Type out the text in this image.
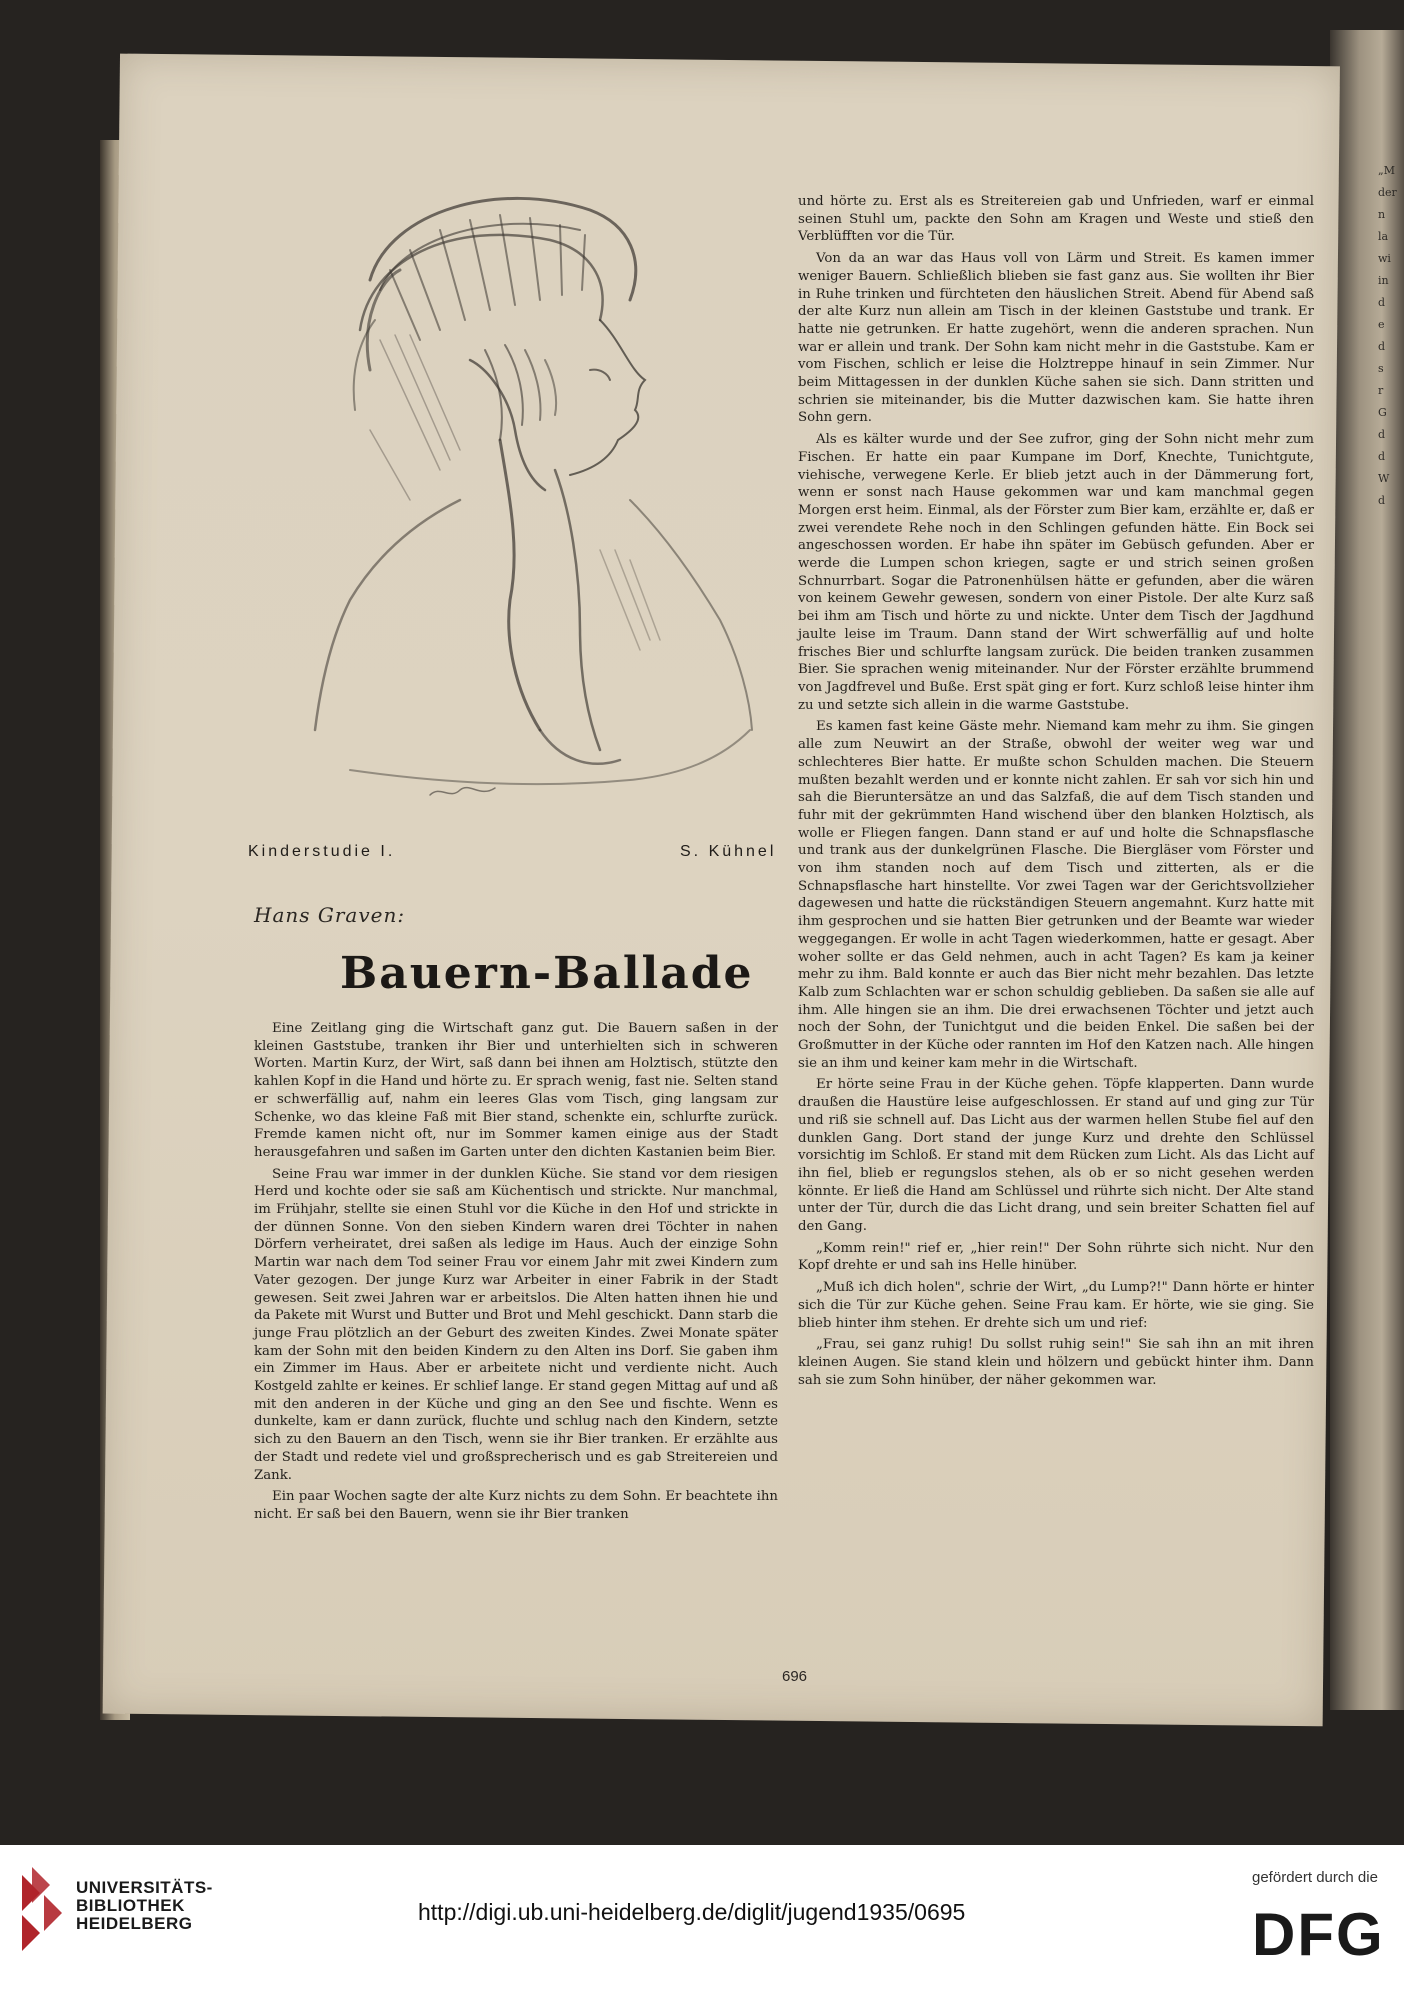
„M
der
n
la
wi
in
d
e
d
s
r
G
d
d
W
d
Kinderstudie I.	S. Kühnel
Hans Graven:
Bauern-Ballade

Eine Zeitlang ging die Wirtschaft ganz gut. Die Bauern saßen in der kleinen Gaststube, tranken ihr Bier und unterhielten sich in schweren Worten. Martin Kurz, der Wirt, saß dann bei ihnen am Holztisch, stützte den kahlen Kopf in die Hand und hörte zu. Er sprach wenig, fast nie. Selten stand er schwerfällig auf, nahm ein leeres Glas vom Tisch, ging langsam zur Schenke, wo das kleine Faß mit Bier stand, schenkte ein, schlurfte zurück. Fremde kamen nicht oft, nur im Sommer kamen einige aus der Stadt herausgefahren und saßen im Garten unter den dichten Kastanien beim Bier.

Seine Frau war immer in der dunklen Küche. Sie stand vor dem riesigen Herd und kochte oder sie saß am Küchentisch und strickte. Nur manchmal, im Frühjahr, stellte sie einen Stuhl vor die Küche in den Hof und strickte in der dünnen Sonne. Von den sieben Kindern waren drei Töchter in nahen Dörfern verheiratet, drei saßen als ledige im Haus. Auch der einzige Sohn Martin war nach dem Tod seiner Frau vor einem Jahr mit zwei Kindern zum Vater gezogen. Der junge Kurz war Arbeiter in einer Fabrik in der Stadt gewesen. Seit zwei Jahren war er arbeitslos. Die Alten hatten ihnen hie und da Pakete mit Wurst und Butter und Brot und Mehl geschickt. Dann starb die junge Frau plötzlich an der Geburt des zweiten Kindes. Zwei Monate später kam der Sohn mit den beiden Kindern zu den Alten ins Dorf. Sie gaben ihm ein Zimmer im Haus. Aber er arbeitete nicht und verdiente nicht. Auch Kostgeld zahlte er keines. Er schlief lange. Er stand gegen Mittag auf und aß mit den anderen in der Küche und ging an den See und fischte. Wenn es dunkelte, kam er dann zurück, fluchte und schlug nach den Kindern, setzte sich zu den Bauern an den Tisch, wenn sie ihr Bier tranken. Er erzählte aus der Stadt und redete viel und großsprecherisch und es gab Streitereien und Zank.

Ein paar Wochen sagte der alte Kurz nichts zu dem Sohn. Er beachtete ihn nicht. Er saß bei den Bauern, wenn sie ihr Bier tranken

und hörte zu. Erst als es Streitereien gab und Unfrieden, warf er einmal seinen Stuhl um, packte den Sohn am Kragen und Weste und stieß den Verblüfften vor die Tür.

Von da an war das Haus voll von Lärm und Streit. Es kamen immer weniger Bauern. Schließlich blieben sie fast ganz aus. Sie wollten ihr Bier in Ruhe trinken und fürchteten den häuslichen Streit. Abend für Abend saß der alte Kurz nun allein am Tisch in der kleinen Gaststube und trank. Er hatte nie getrunken. Er hatte zugehört, wenn die anderen sprachen. Nun war er allein und trank. Der Sohn kam nicht mehr in die Gaststube. Kam er vom Fischen, schlich er leise die Holztreppe hinauf in sein Zimmer. Nur beim Mittagessen in der dunklen Küche sahen sie sich. Dann stritten und schrien sie miteinander, bis die Mutter dazwischen kam. Sie hatte ihren Sohn gern.

Als es kälter wurde und der See zufror, ging der Sohn nicht mehr zum Fischen. Er hatte ein paar Kumpane im Dorf, Knechte, Tunichtgute, viehische, verwegene Kerle. Er blieb jetzt auch in der Dämmerung fort, wenn er sonst nach Hause gekommen war und kam manchmal gegen Morgen erst heim. Einmal, als der Förster zum Bier kam, erzählte er, daß er zwei verendete Rehe noch in den Schlingen gefunden hätte. Ein Bock sei angeschossen worden. Er habe ihn später im Gebüsch gefunden. Aber er werde die Lumpen schon kriegen, sagte er und strich seinen großen Schnurrbart. Sogar die Patronenhülsen hätte er gefunden, aber die wären von keinem Gewehr gewesen, sondern von einer Pistole. Der alte Kurz saß bei ihm am Tisch und hörte zu und nickte. Unter dem Tisch der Jagdhund jaulte leise im Traum. Dann stand der Wirt schwerfällig auf und holte frisches Bier und schlurfte langsam zurück. Die beiden tranken zusammen Bier. Sie sprachen wenig miteinander. Nur der Förster erzählte brummend von Jagdfrevel und Buße. Erst spät ging er fort. Kurz schloß leise hinter ihm zu und setzte sich allein in die warme Gaststube.

Es kamen fast keine Gäste mehr. Niemand kam mehr zu ihm. Sie gingen alle zum Neuwirt an der Straße, obwohl der weiter weg war und schlechteres Bier hatte. Er mußte schon Schulden machen. Die Steuern mußten bezahlt werden und er konnte nicht zahlen. Er sah vor sich hin und sah die Bieruntersätze an und das Salzfaß, die auf dem Tisch standen und fuhr mit der gekrümmten Hand wischend über den blanken Holztisch, als wolle er Fliegen fangen. Dann stand er auf und holte die Schnapsflasche und trank aus der dunkelgrünen Flasche. Die Biergläser vom Förster und von ihm standen noch auf dem Tisch und zitterten, als er die Schnapsflasche hart hinstellte. Vor zwei Tagen war der Gerichtsvollzieher dagewesen und hatte die rückständigen Steuern angemahnt. Kurz hatte mit ihm gesprochen und sie hatten Bier getrunken und der Beamte war wieder weggegangen. Er wolle in acht Tagen wiederkommen, hatte er gesagt. Aber woher sollte er das Geld nehmen, auch in acht Tagen? Es kam ja keiner mehr zu ihm. Bald konnte er auch das Bier nicht mehr bezahlen. Das letzte Kalb zum Schlachten war er schon schuldig geblieben. Da saßen sie alle auf ihm. Alle hingen sie an ihm. Die drei erwachsenen Töchter und jetzt auch noch der Sohn, der Tunichtgut und die beiden Enkel. Die saßen bei der Großmutter in der Küche oder rannten im Hof den Katzen nach. Alle hingen sie an ihm und keiner kam mehr in die Wirtschaft.

Er hörte seine Frau in der Küche gehen. Töpfe klapperten. Dann wurde draußen die Haustüre leise aufgeschlossen. Er stand auf und ging zur Tür und riß sie schnell auf. Das Licht aus der warmen hellen Stube fiel auf den dunklen Gang. Dort stand der junge Kurz und drehte den Schlüssel vorsichtig im Schloß. Er stand mit dem Rücken zum Licht. Als das Licht auf ihn fiel, blieb er regungslos stehen, als ob er so nicht gesehen werden könnte. Er ließ die Hand am Schlüssel und rührte sich nicht. Der Alte stand unter der Tür, durch die das Licht drang, und sein breiter Schatten fiel auf den Gang.

„Komm rein!" rief er, „hier rein!" Der Sohn rührte sich nicht. Nur den Kopf drehte er und sah ins Helle hinüber.

„Muß ich dich holen", schrie der Wirt, „du Lump?!" Dann hörte er hinter sich die Tür zur Küche gehen. Seine Frau kam. Er hörte, wie sie ging. Sie blieb hinter ihm stehen. Er drehte sich um und rief:

„Frau, sei ganz ruhig! Du sollst ruhig sein!" Sie sah ihn an mit ihren kleinen Augen. Sie stand klein und hölzern und gebückt hinter ihm. Dann sah sie zum Sohn hinüber, der näher gekommen war.

696
UNIVERSITÄTS-
BIBLIOTHEK
HEIDELBERG	http://digi.ub.uni-heidelberg.de/diglit/jugend1935/0695
gefördert durch die
DFG
